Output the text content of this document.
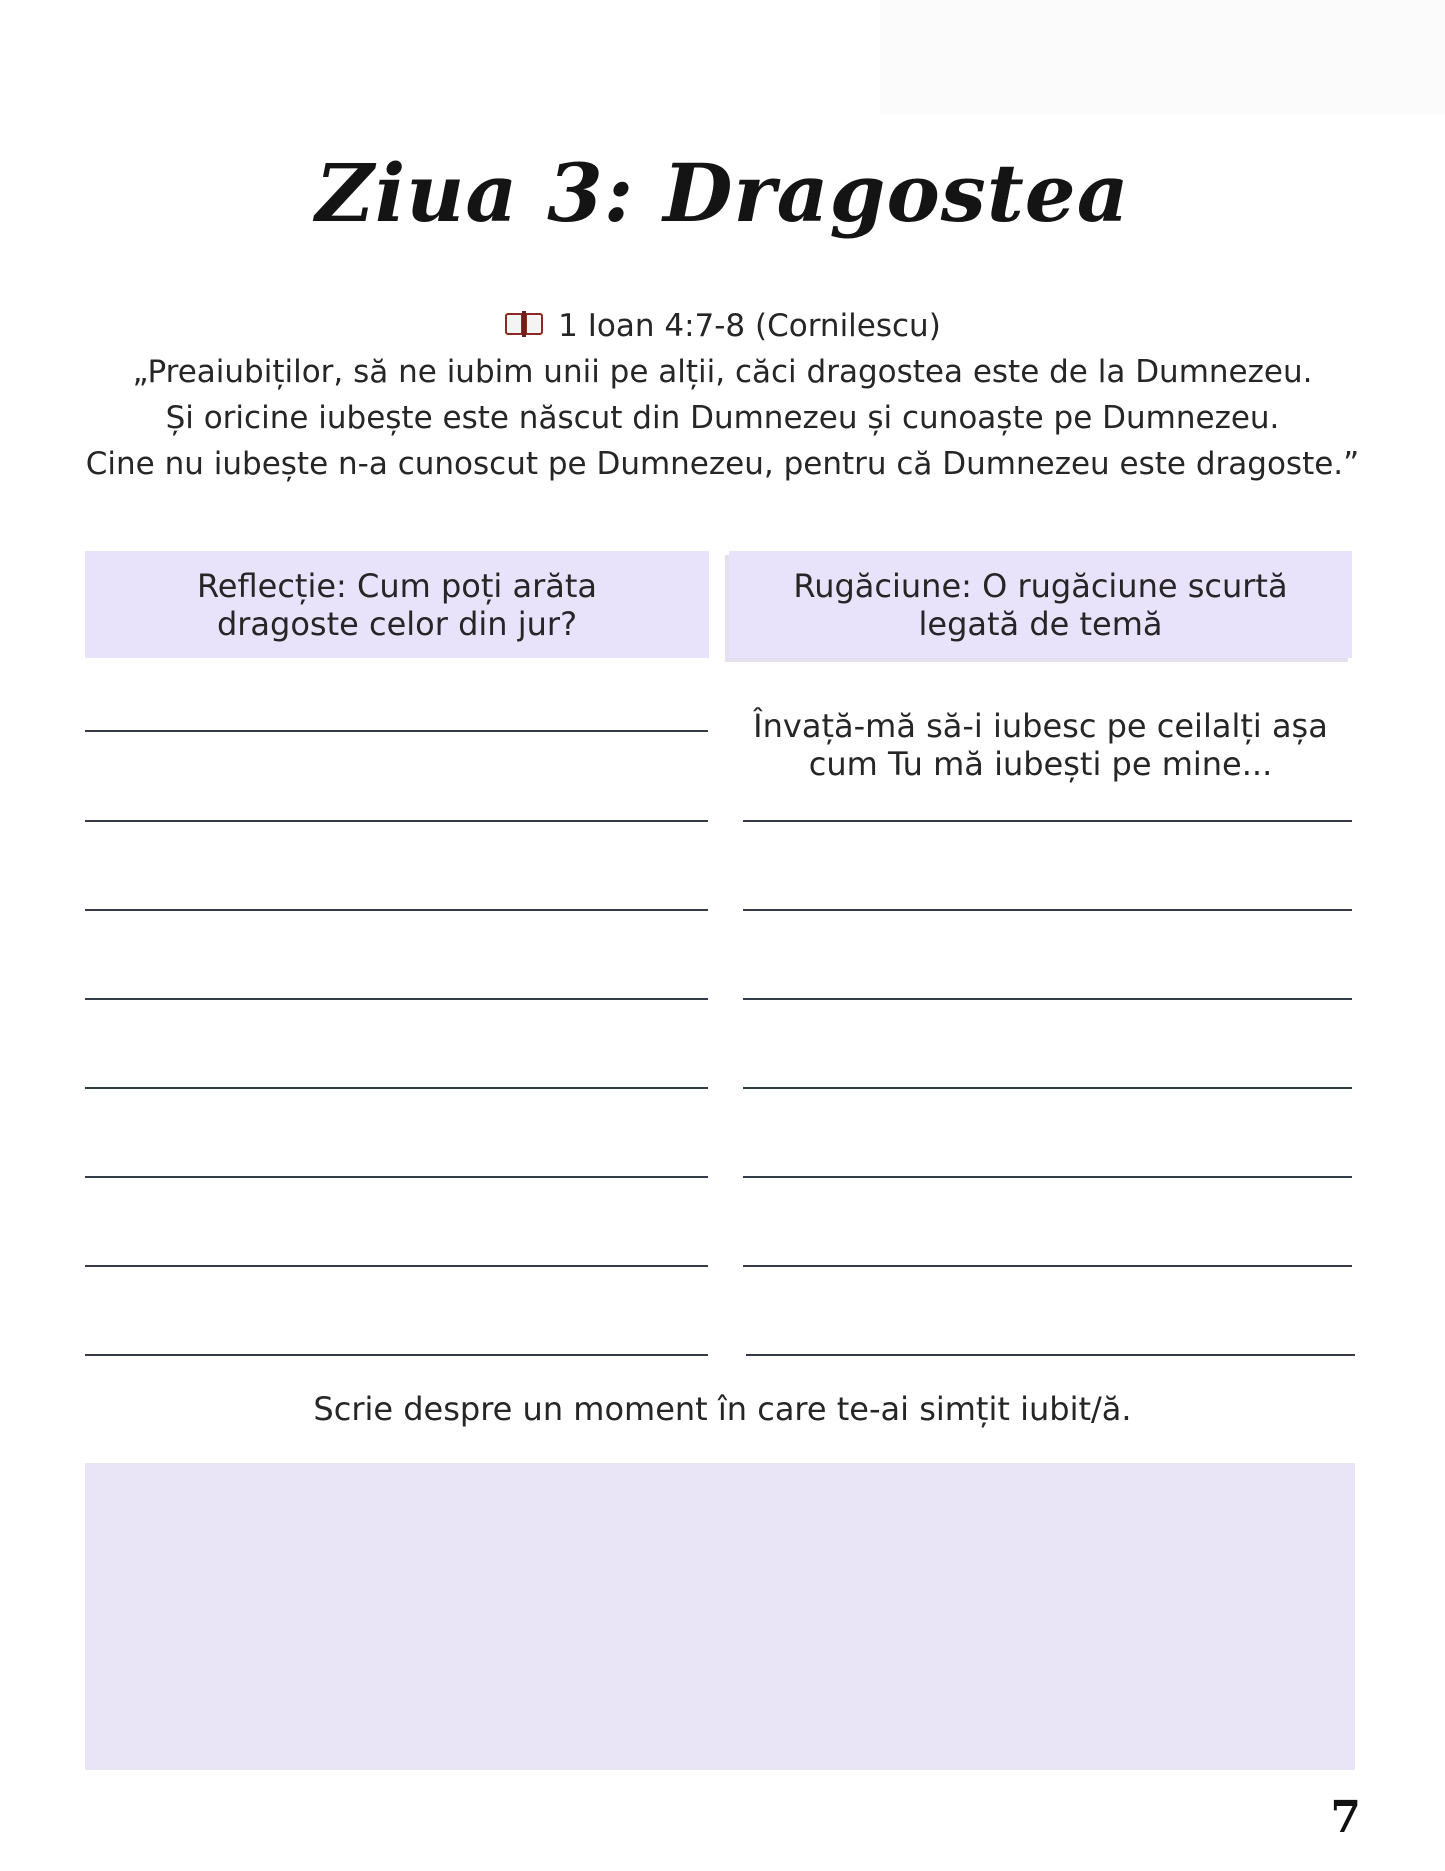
Ziua 3: Dragostea
1 Ioan 4:7-8 (Cornilescu)
„Preaiubiților, să ne iubim unii pe alții, căci dragostea este de la Dumnezeu.
Și oricine iubește este născut din Dumnezeu și cunoaște pe Dumnezeu.
Cine nu iubește n-a cunoscut pe Dumnezeu, pentru că Dumnezeu este dragoste.”
Reflecție: Cum poți arăta dragoste celor din jur?
Rugăciune: O rugăciune scurtă legată de temă
Învață-mă să-i iubesc pe ceilalți așa cum Tu mă iubești pe mine...
Scrie despre un moment în care te-ai simțit iubit/ă.
7
